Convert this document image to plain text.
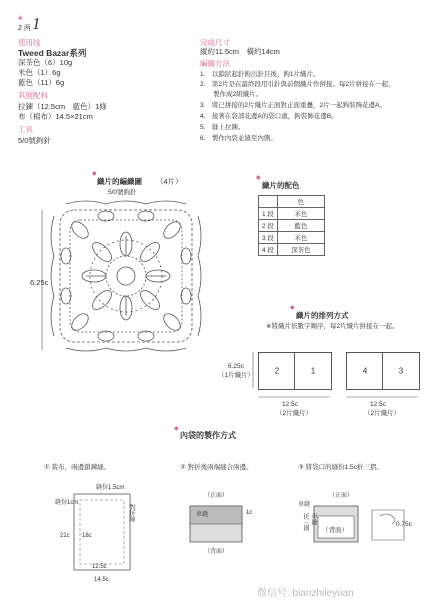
❀
2 两 1
使用线
Tweed Bazar系列
深茶色（6）10g
米色（1）6g
藍色（11）6g
其他配料
拉鍊（12.5cm　藍色）1條
布（棉布）14.5×21cm
工具
5/0號鉤針
完成尺寸
縱約11.5cm　橫約14cm
編織方法
1.　以鎖狀起針鉤出針目後，鉤1片織片。
2.　第2片是在最終段用引針與前個織片作拼接。每2片拼接在一起，
　　製作成2組織片。
3.　將已拼接的2片織片正面對正面重疊，2片一起鉤裝飾花邊A。
4.　接著在袋部花邊A的袋口處，鉤裝飾花邊B。
5.　縫上拉鍊。
6.　製作內袋並縫至內側。
◆
織片的編織圖 （4片）
5/0號鉤針
6.25c
◆
織片的配色
	色
1 段	米色
2 段	藍色
3 段	米色
4 段	深茶色
◆
織片的排列方式
※將織片依數字順序，每2片織片拼接在一起。
6.25c
（1片織片）	2	1	4	3
12.5c
（2片織片）
12.5c
（2片織片）
◆
內袋的製作方式
① 裁布，兩邊鎖鍊縫。	② 對折後兩端縫合兩邊。	③ 將袋口的縫份1.5c折三摺。
縫份1.5cm
縫份1cm
21c 18c
12.5c
14.5c
對折線
（正面）
車縫	1c
（背面）
車縫
（正面）
（背面）
折三摺 車縫	0.75c
微信号: bianzhileyuan
